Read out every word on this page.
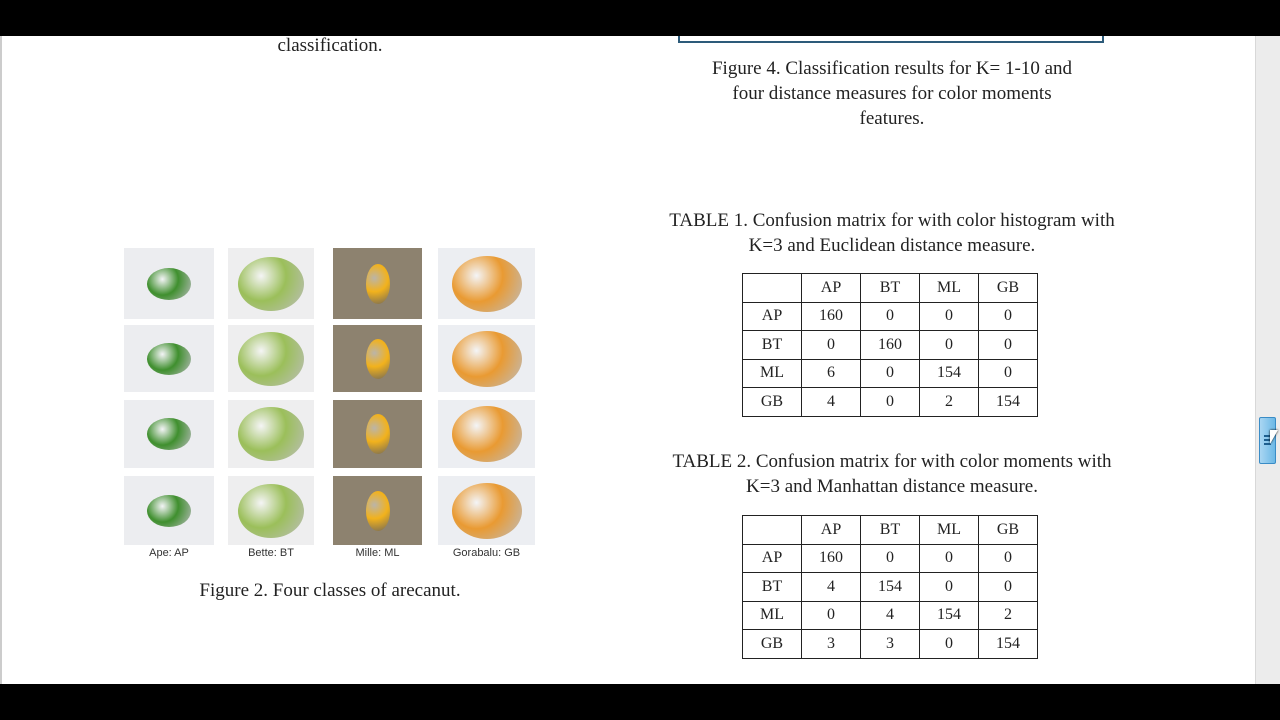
classification.
Figure 4. Classification results for K= 1-10 and
four distance measures for color moments
features.
TABLE 1. Confusion matrix for with color histogram with
K=3 and Euclidean distance measure.
	AP	BT	ML	GB
AP	160	0	0	0
BT	0	160	0	0
ML	6	0	154	0
GB	4	0	2	154
TABLE 2. Confusion matrix for with color moments with
K=3 and Manhattan distance measure.
	AP	BT	ML	GB
AP	160	0	0	0
BT	4	154	0	0
ML	0	4	154	2
GB	3	3	0	154
Ape: AP	Bette: BT	Mille: ML	Gorabalu: GB
Figure 2. Four classes of arecanut.
